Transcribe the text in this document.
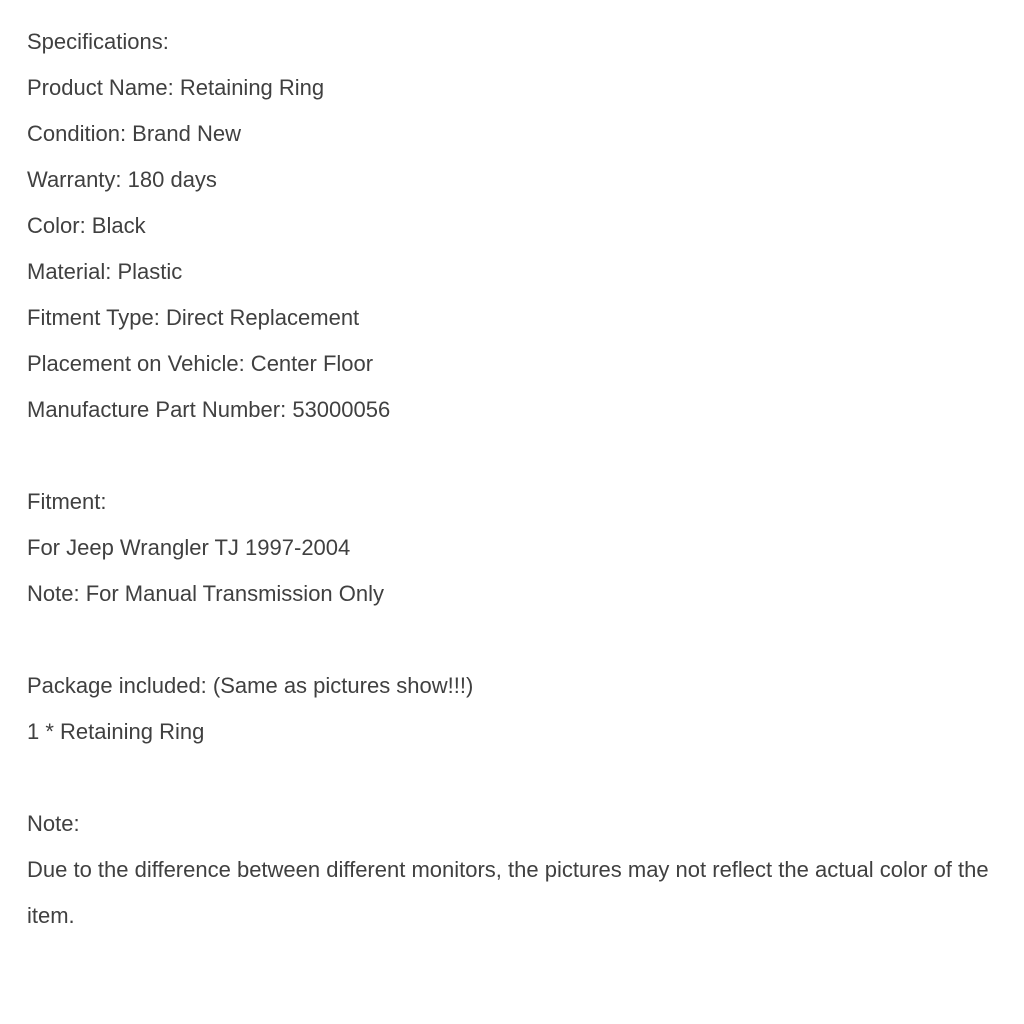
Specifications:

Product Name: Retaining Ring

Condition: Brand New

Warranty: 180 days

Color: Black

Material: Plastic

Fitment Type: Direct Replacement

Placement on Vehicle: Center Floor

Manufacture Part Number: 53000056

Fitment:

For Jeep Wrangler TJ 1997-2004

Note: For Manual Transmission Only

Package included: (Same as pictures show!!!)

1 * Retaining Ring

Note:

Due to the difference between different monitors, the pictures may not reflect the actual color of the item.
